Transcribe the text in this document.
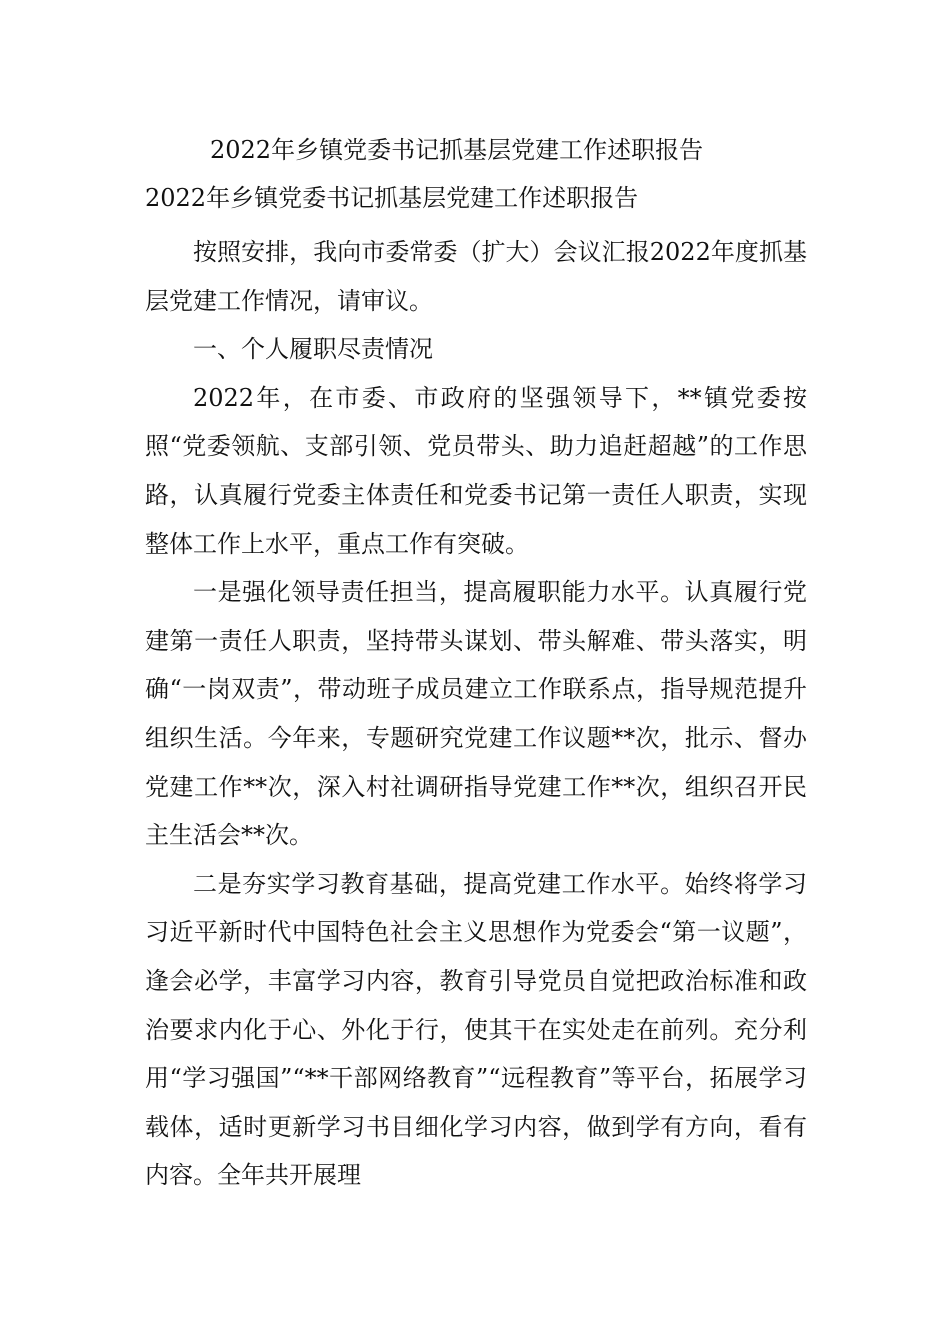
2022年乡镇党委书记抓基层党建工作述职报告
2022年乡镇党委书记抓基层党建工作述职报告

按照安排，我向市委常委（扩大）会议汇报2022年度抓基层党建工作情况，请审议。

一、个人履职尽责情况

2022年，在市委、市政府的坚强领导下，**镇党委按照“党委领航、支部引领、党员带头、助力追赶超越”的工作思路，认真履行党委主体责任和党委书记第一责任人职责，实现整体工作上水平，重点工作有突破。

一是强化领导责任担当，提高履职能力水平。认真履行党建第一责任人职责，坚持带头谋划、带头解难、带头落实，明确“一岗双责”，带动班子成员建立工作联系点，指导规范提升组织生活。今年来，专题研究党建工作议题**次，批示、督办党建工作**次，深入村社调研指导党建工作**次，组织召开民主生活会**次。

二是夯实学习教育基础，提高党建工作水平。始终将学习习近平新时代中国特色社会主义思想作为党委会“第一议题”，逢会必学，丰富学习内容，教育引导党员自觉把政治标准和政治要求内化于心、外化于行，使其干在实处走在前列。充分利用“学习强国”“**干部网络教育”“远程教育”等平台，拓展学习载体，适时更新学习书目细化学习内容，做到学有方向，看有内容。全年共开展理
